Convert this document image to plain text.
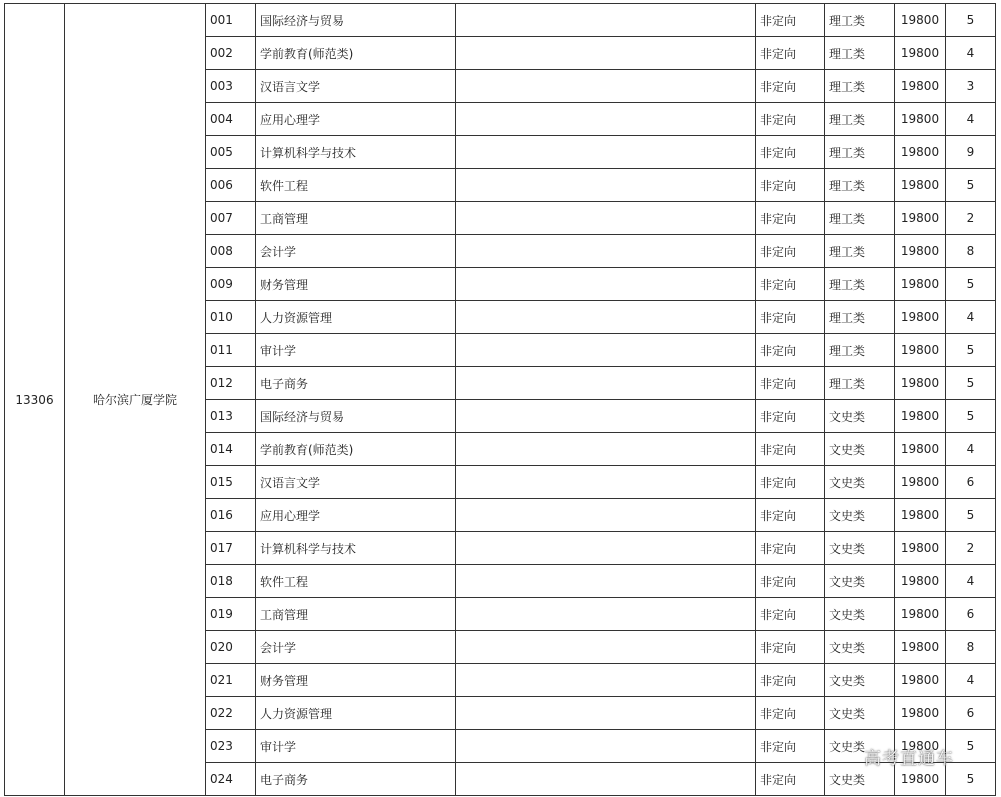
13306	哈尔滨广厦学院	001	国际经济与贸易		非定向	理工类	19800	5
		002	学前教育(师范类)		非定向	理工类	19800	4
		003	汉语言文学		非定向	理工类	19800	3
		004	应用心理学		非定向	理工类	19800	4
		005	计算机科学与技术		非定向	理工类	19800	9
		006	软件工程		非定向	理工类	19800	5
		007	工商管理		非定向	理工类	19800	2
		008	会计学		非定向	理工类	19800	8
		009	财务管理		非定向	理工类	19800	5
		010	人力资源管理		非定向	理工类	19800	4
		011	审计学		非定向	理工类	19800	5
		012	电子商务		非定向	理工类	19800	5
		013	国际经济与贸易		非定向	文史类	19800	5
		014	学前教育(师范类)		非定向	文史类	19800	4
		015	汉语言文学		非定向	文史类	19800	6
		016	应用心理学		非定向	文史类	19800	5
		017	计算机科学与技术		非定向	文史类	19800	2
		018	软件工程		非定向	文史类	19800	4
		019	工商管理		非定向	文史类	19800	6
		020	会计学		非定向	文史类	19800	8
		021	财务管理		非定向	文史类	19800	4
		022	人力资源管理		非定向	文史类	19800	6
		023	审计学		非定向	文史类	19800	5
		024	电子商务		非定向	文史类	19800	5
高考直通车
